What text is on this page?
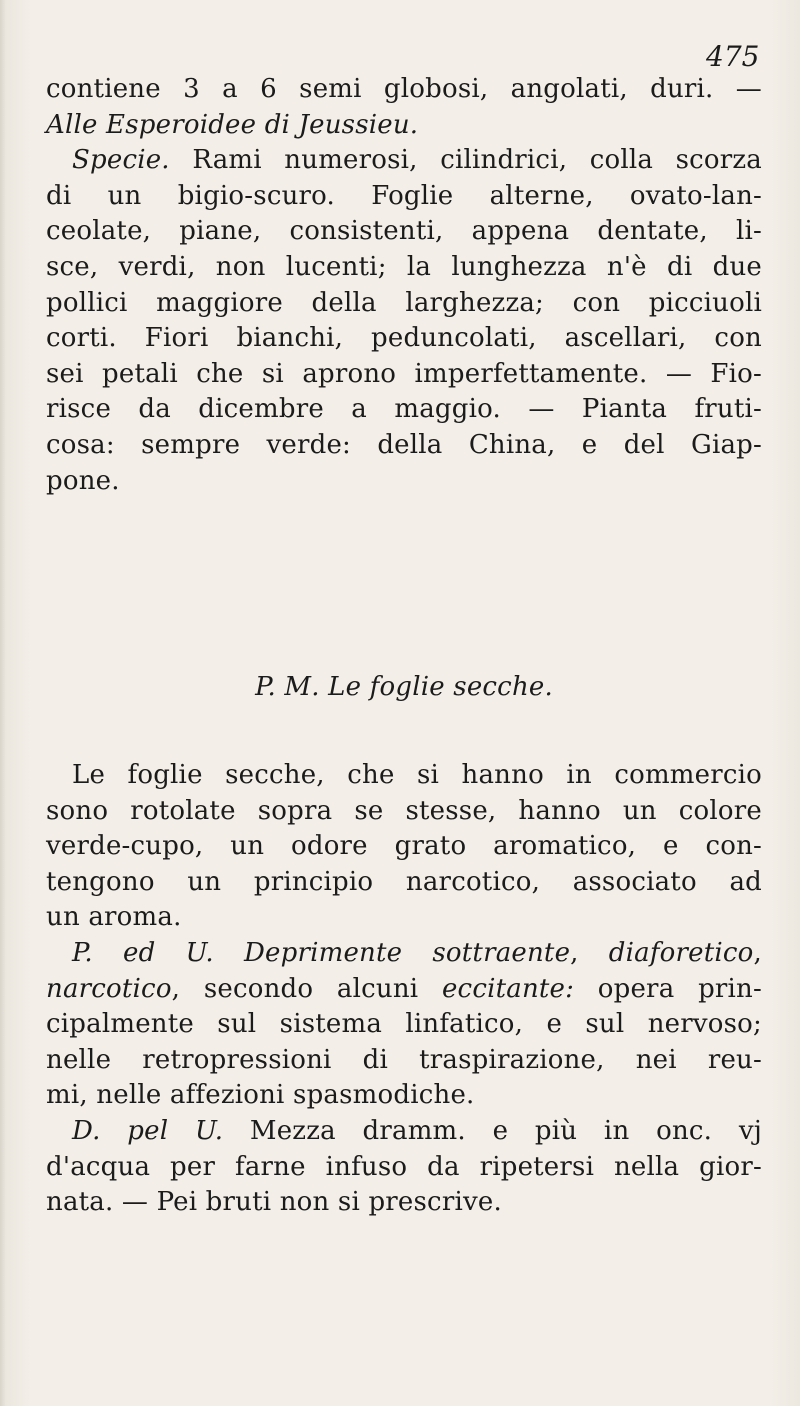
475
contiene 3 a 6 semi globosi, angolati, duri. —
Alle Esperoidee di Jeussieu.
Specie. Rami numerosi, cilindrici, colla scorza
di un bigio-scuro. Foglie alterne, ovato-lan-
ceolate, piane, consistenti, appena dentate, li-
sce, verdi, non lucenti; la lunghezza n'è di due
pollici maggiore della larghezza; con picciuoli
corti. Fiori bianchi, peduncolati, ascellari, con
sei petali che si aprono imperfettamente. — Fio-
risce da dicembre a maggio. — Pianta fruti-
cosa: sempre verde: della China, e del Giap-
pone.
P. M. Le foglie secche.
Le foglie secche, che si hanno in commercio
sono rotolate sopra se stesse, hanno un colore
verde-cupo, un odore grato aromatico, e con-
tengono un principio narcotico, associato ad
un aroma.
P. ed U. Deprimente sottraente, diaforetico,
narcotico, secondo alcuni eccitante: opera prin-
cipalmente sul sistema linfatico, e sul nervoso;
nelle retropressioni di traspirazione, nei reu-
mi, nelle affezioni spasmodiche.
D. pel U. Mezza dramm. e più in onc. vj
d'acqua per farne infuso da ripetersi nella gior-
nata. — Pei bruti non si prescrive.
